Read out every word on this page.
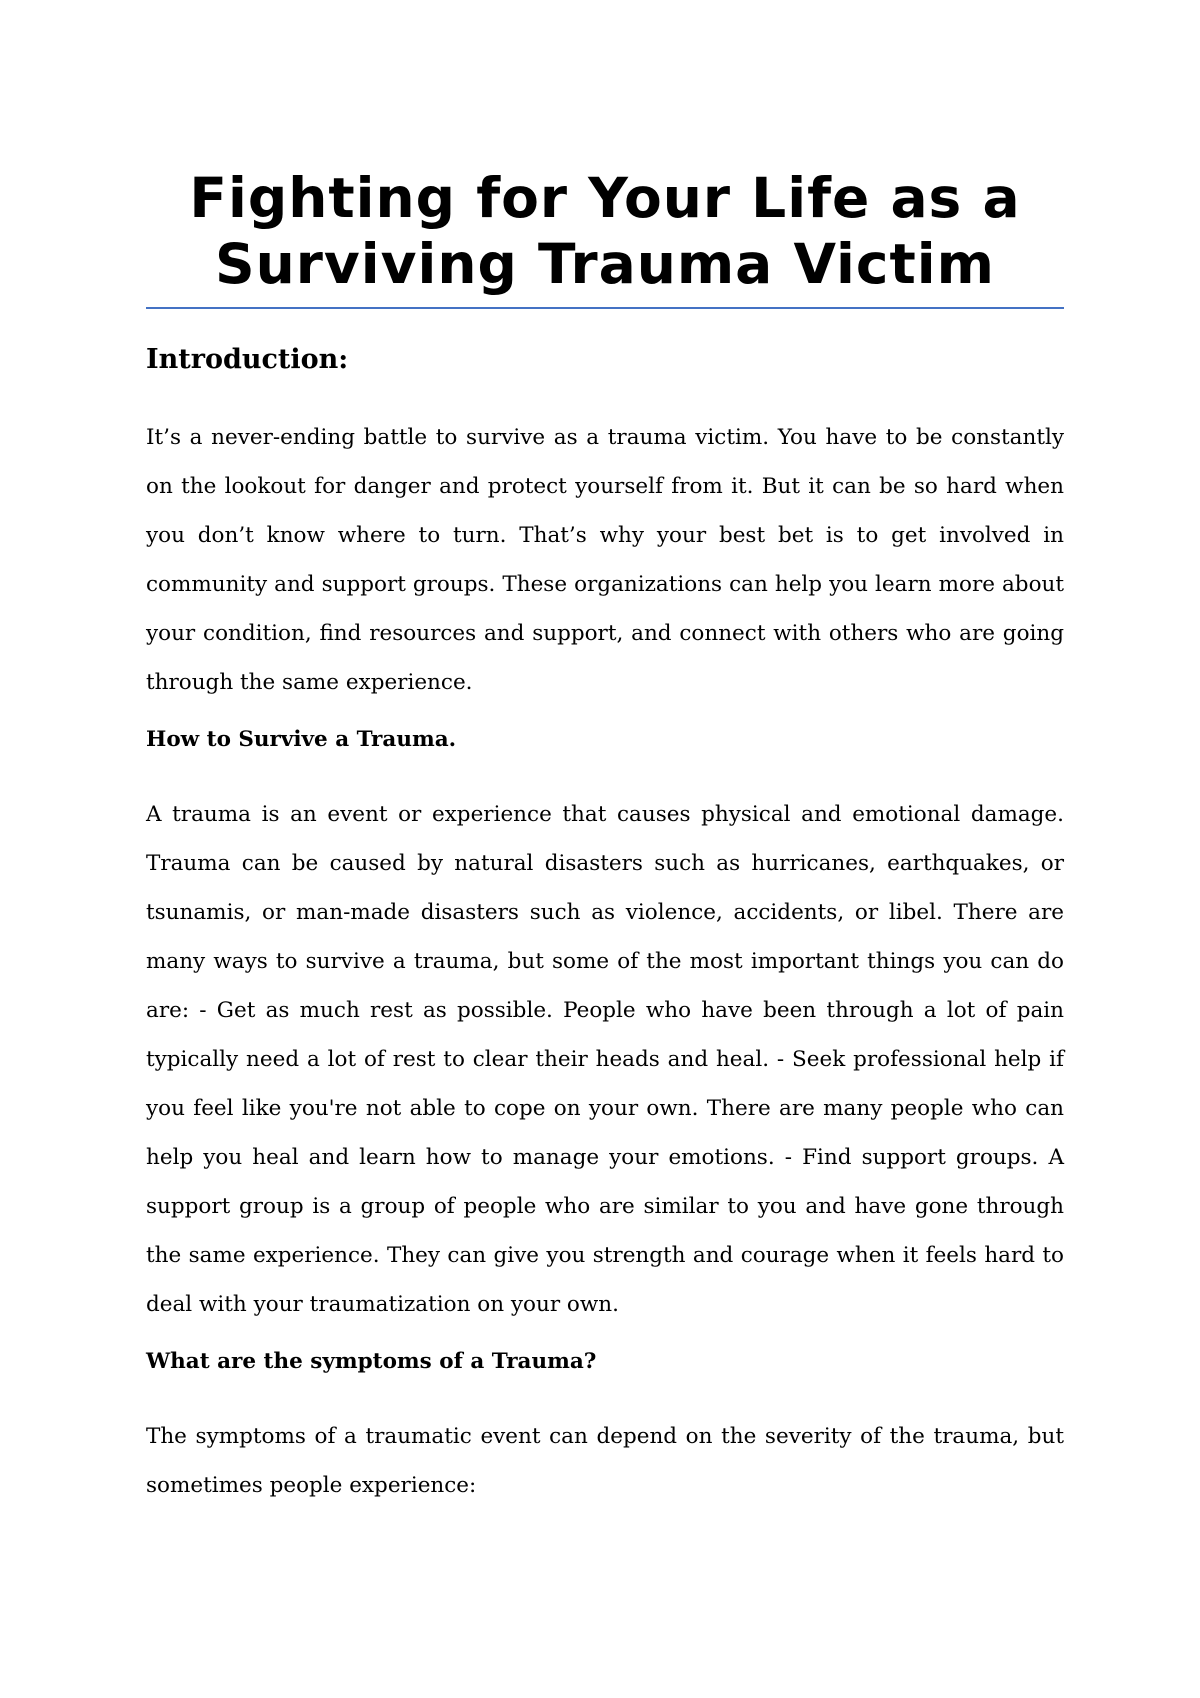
Fighting for Your Life as a
Surviving Trauma Victim
Introduction:

It’s a never-ending battle to survive as a trauma victim. You have to be constantly on the lookout for danger and protect yourself from it. But it can be so hard when you don’t know where to turn. That’s why your best bet is to get involved in community and support groups. These organizations can help you learn more about your condition, find resources and support, and connect with others who are going through the same experience.

How to Survive a Trauma.

A trauma is an event or experience that causes physical and emotional damage. Trauma can be caused by natural disasters such as hurricanes, earthquakes, or tsunamis, or man-made disasters such as violence, accidents, or libel. There are many ways to survive a trauma, but some of the most important things you can do are: - Get as much rest as possible. People who have been through a lot of pain typically need a lot of rest to clear their heads and heal. - Seek professional help if you feel like you're not able to cope on your own. There are many people who can help you heal and learn how to manage your emotions. - Find support groups. A support group is a group of people who are similar to you and have gone through the same experience. They can give you strength and courage when it feels hard to deal with your traumatization on your own.

What are the symptoms of a Trauma?

The symptoms of a traumatic event can depend on the severity of the trauma, but sometimes people experience:
